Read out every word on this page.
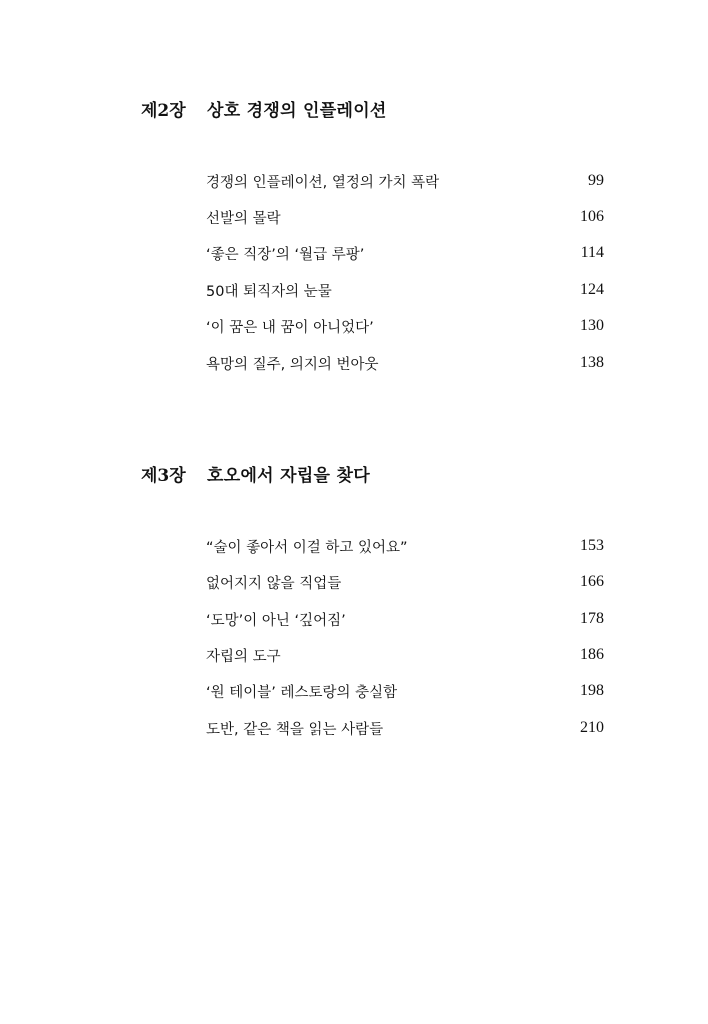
제2장	상호 경쟁의 인플레이션
경쟁의 인플레이션, 열정의 가치 폭락	99
선발의 몰락	106
‘좋은 직장’의 ‘월급 루팡’	114
50대 퇴직자의 눈물	124
‘이 꿈은 내 꿈이 아니었다’	130
욕망의 질주, 의지의 번아웃	138
제3장	호오에서 자립을 찾다
“술이 좋아서 이걸 하고 있어요”	153
없어지지 않을 직업들	166
‘도망’이 아닌 ‘깊어짐’	178
자립의 도구	186
‘원 테이블’ 레스토랑의 충실함	198
도반, 같은 책을 읽는 사람들	210
